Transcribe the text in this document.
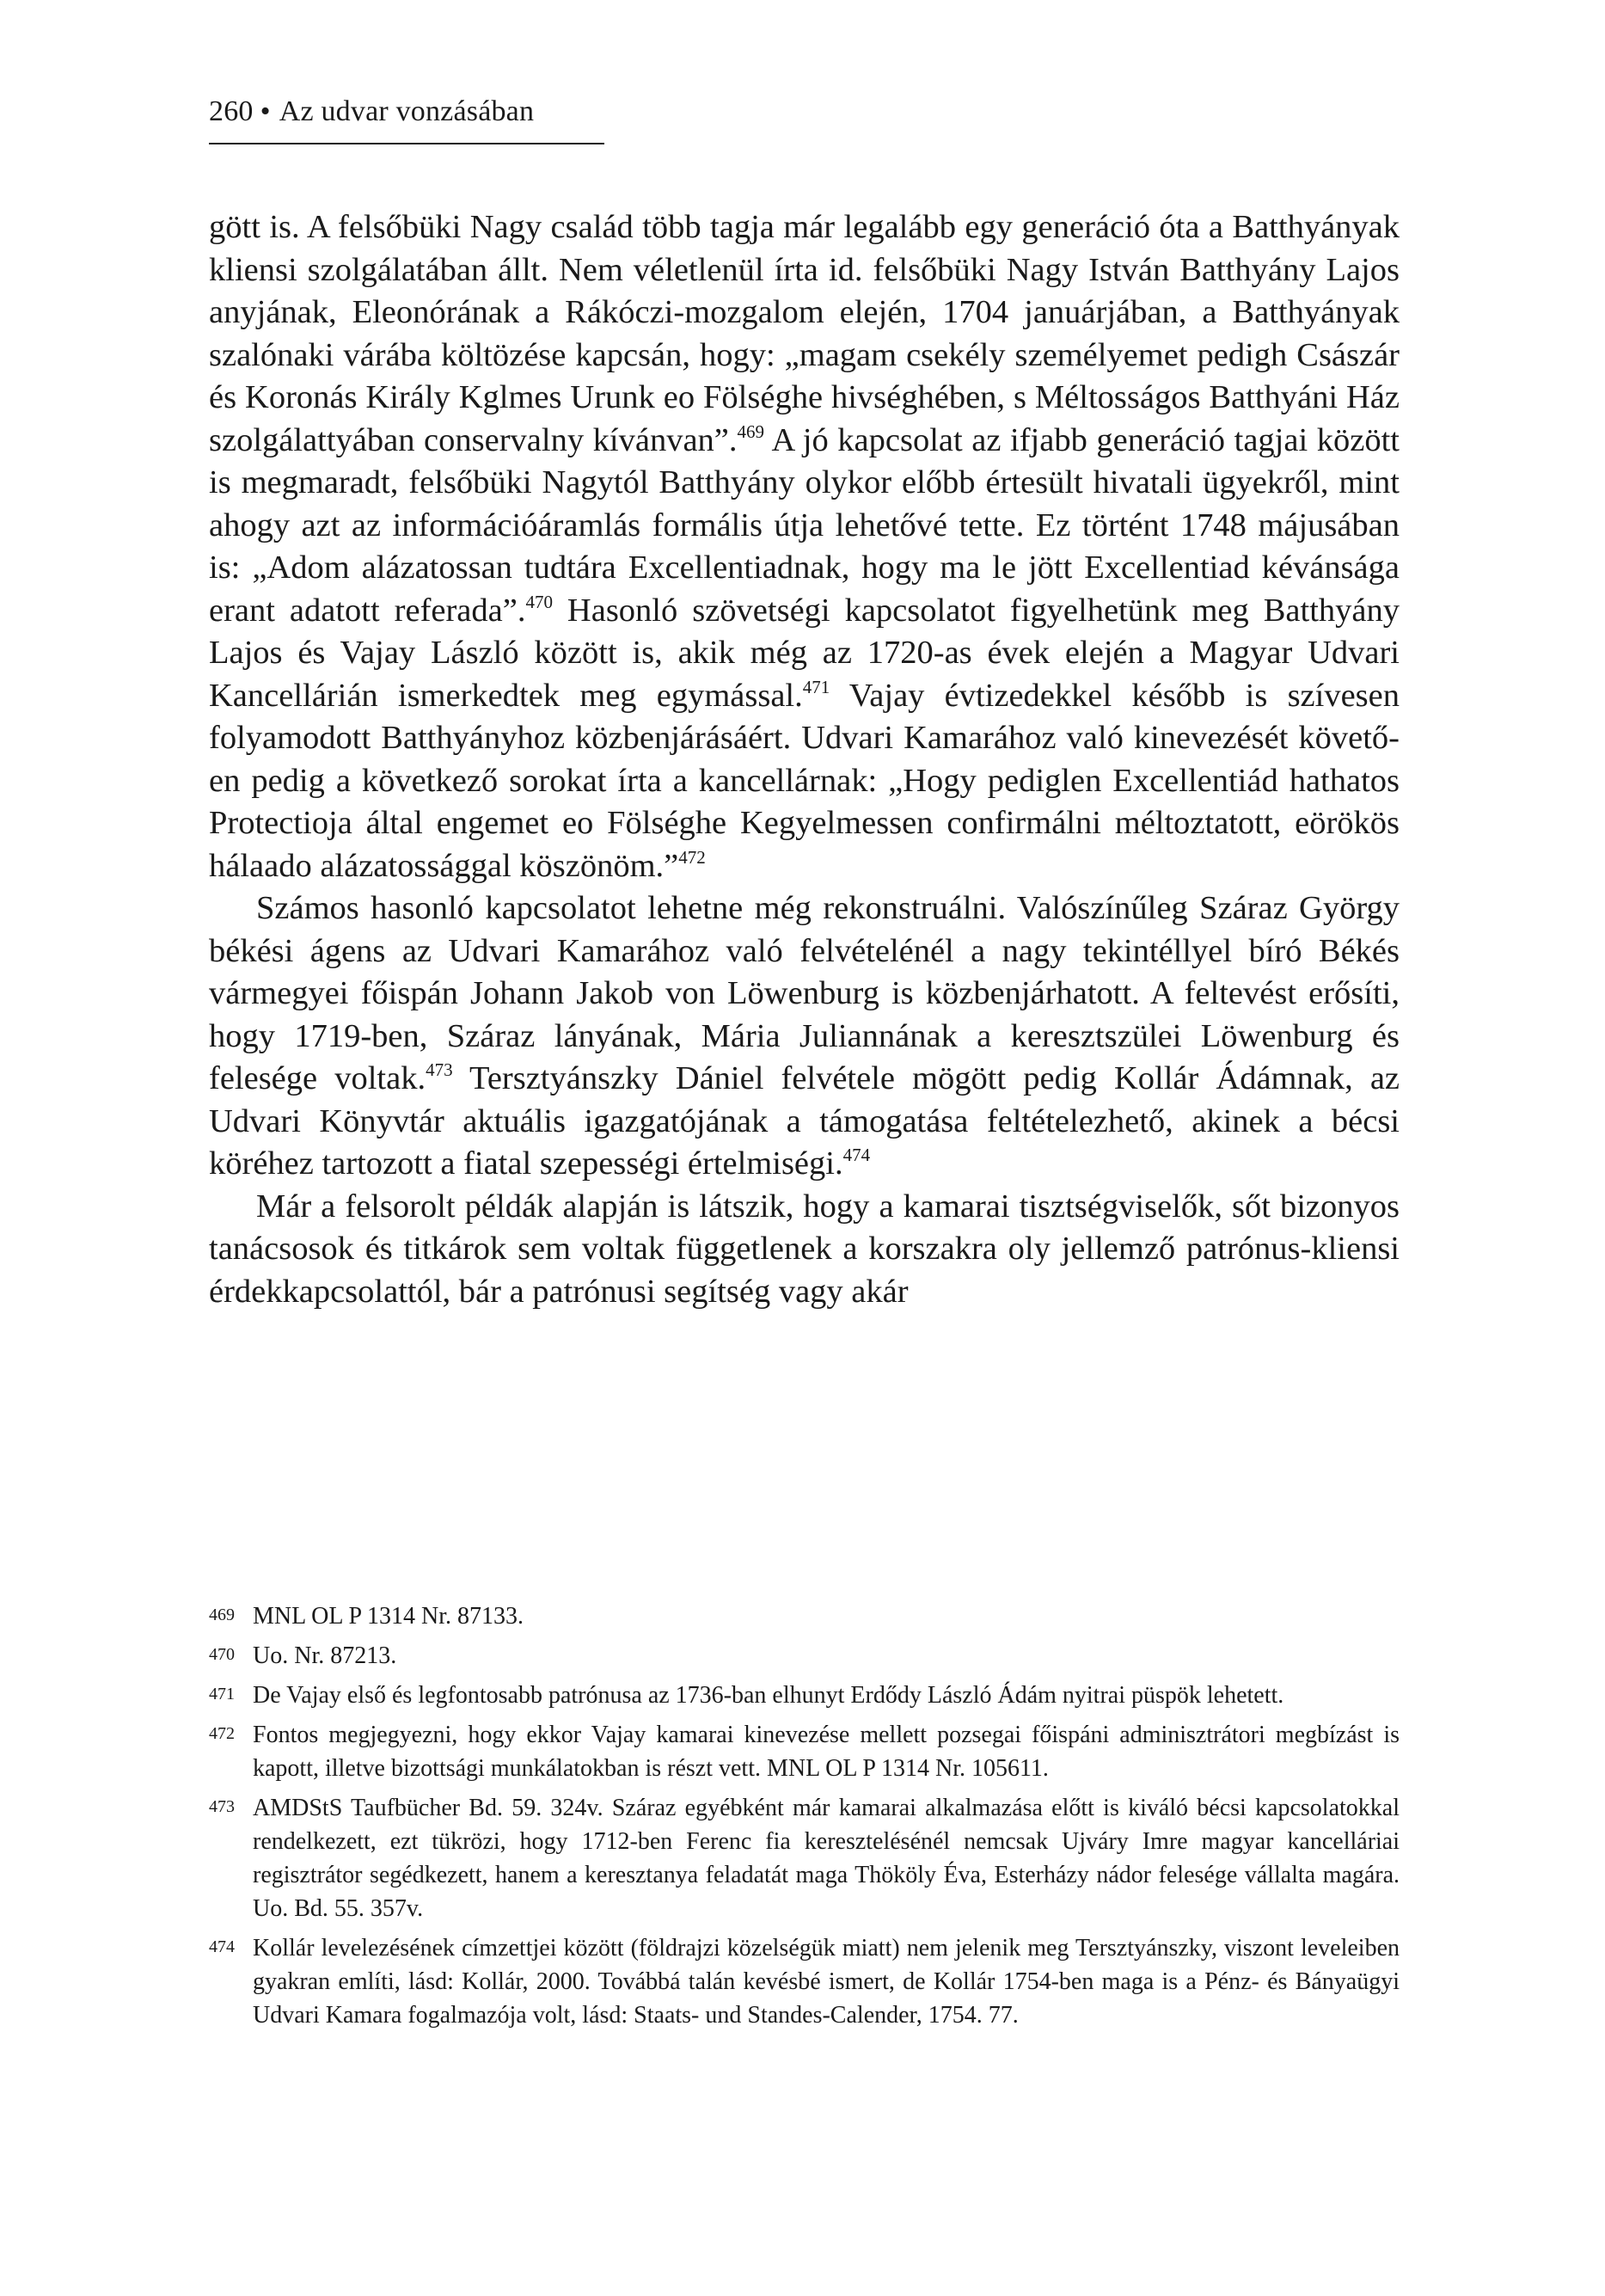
260 • Az udvar vonzásában

gött is. A felsőbüki Nagy család több tagja már legalább egy generáció óta a Batthyányak kliensi szolgálatában állt. Nem véletlenül írta id. felsőbüki Nagy István Batthyány Lajos anyjának, Eleonórának a Rákóczi-mozgalom elején, 1704 januárjában, a Batthyányak szalónaki várába költözése kapcsán, hogy: „magam csekély személyemet pedigh Császár és Koronás Király Kglmes Urunk eo Fölséghe hivséghében, s Méltosságos Batthyáni Ház szolgálattyában conservalny kívánvan”.$^{469}$ A jó kapcsolat az ifjabb generáció tagjai között is megmaradt, felsőbüki Nagytól Batthyány olykor előbb értesült hivatali ügyekről, mint ahogy azt az információáramlás formális útja lehetővé tette. Ez történt 1748 májusában is: „Adom alázatossan tudtára Excellentiadnak, hogy ma le jött Excellentiad kévánsága erant adatott referada”.$^{470}$ Hasonló szövetségi kapcsolatot figyelhetünk meg Batthyány Lajos és Vajay László között is, akik még az 1720-as évek elején a Magyar Udvari Kancellárián ismerkedtek meg egymással.$^{471}$ Vajay évtizedekkel később is szívesen folyamodott Batthyányhoz közbenjárásáért. Udvari Kamarához való kinevezését követően pedig a következő sorokat írta a kancellárnak: „Hogy pediglen Excellentiád hathatos Protectioja által engemet eo Fölséghe Kegyelmessen confirmálni méltoztatott, eörökös hálaado alázatossággal köszönöm.”$^{472}$

Számos hasonló kapcsolatot lehetne még rekonstruálni. Valószínűleg Száraz György békési ágens az Udvari Kamarához való felvételénél a nagy tekintéllyel bíró Békés vármegyei főispán Johann Jakob von Löwenburg is közbenjárhatott. A feltevést erősíti, hogy 1719-ben, Száraz lányának, Mária Juliannának a keresztszülei Löwenburg és felesége voltak.$^{473}$ Tersztyánszky Dániel felvétele mögött pedig Kollár Ádámnak, az Udvari Könyvtár aktuális igazgatójának a támogatása feltételezhető, akinek a bécsi köréhez tartozott a fiatal szepességi értelmiségi.$^{474}$

Már a felsorolt példák alapján is látszik, hogy a kamarai tisztségviselők, sőt bizonyos tanácsosok és titkárok sem voltak függetlenek a korszakra oly jellemző patrónus-kliensi érdekkapcsolattól, bár a patrónusi segítség vagy akár

469 MNL OL P 1314 Nr. 87133.
470 Uo. Nr. 87213.
471 De Vajay első és legfontosabb patrónusa az 1736-ban elhunyt Erdődy László Ádám nyitrai püspök lehetett.
472 Fontos megjegyezni, hogy ekkor Vajay kamarai kinevezése mellett pozsegai főispáni adminisztrátori megbízást is kapott, illetve bizottsági munkálatokban is részt vett. MNL OL P 1314 Nr. 105611.
473 AMDStS Taufbücher Bd. 59. 324v. Száraz egyébként már kamarai alkalmazása előtt is kiváló bécsi kapcsolatokkal rendelkezett, ezt tükrözi, hogy 1712-ben Ferenc fia keresztelésénél nemcsak Ujváry Imre magyar kancelláriai regisztrátor segédkezett, hanem a keresztanya feladatát maga Thököly Éva, Esterházy nádor felesége vállalta magára. Uo. Bd. 55. 357v.
474 Kollár levelezésének címzettjei között (földrajzi közelségük miatt) nem jelenik meg Tersztyánszky, viszont leveleiben gyakran említi, lásd: Kollár, 2000. Továbbá talán kevésbé ismert, de Kollár 1754-ben maga is a Pénz- és Bányaügyi Udvari Kamara fogalmazója volt, lásd: Staats- und Standes-Calender, 1754. 77.
